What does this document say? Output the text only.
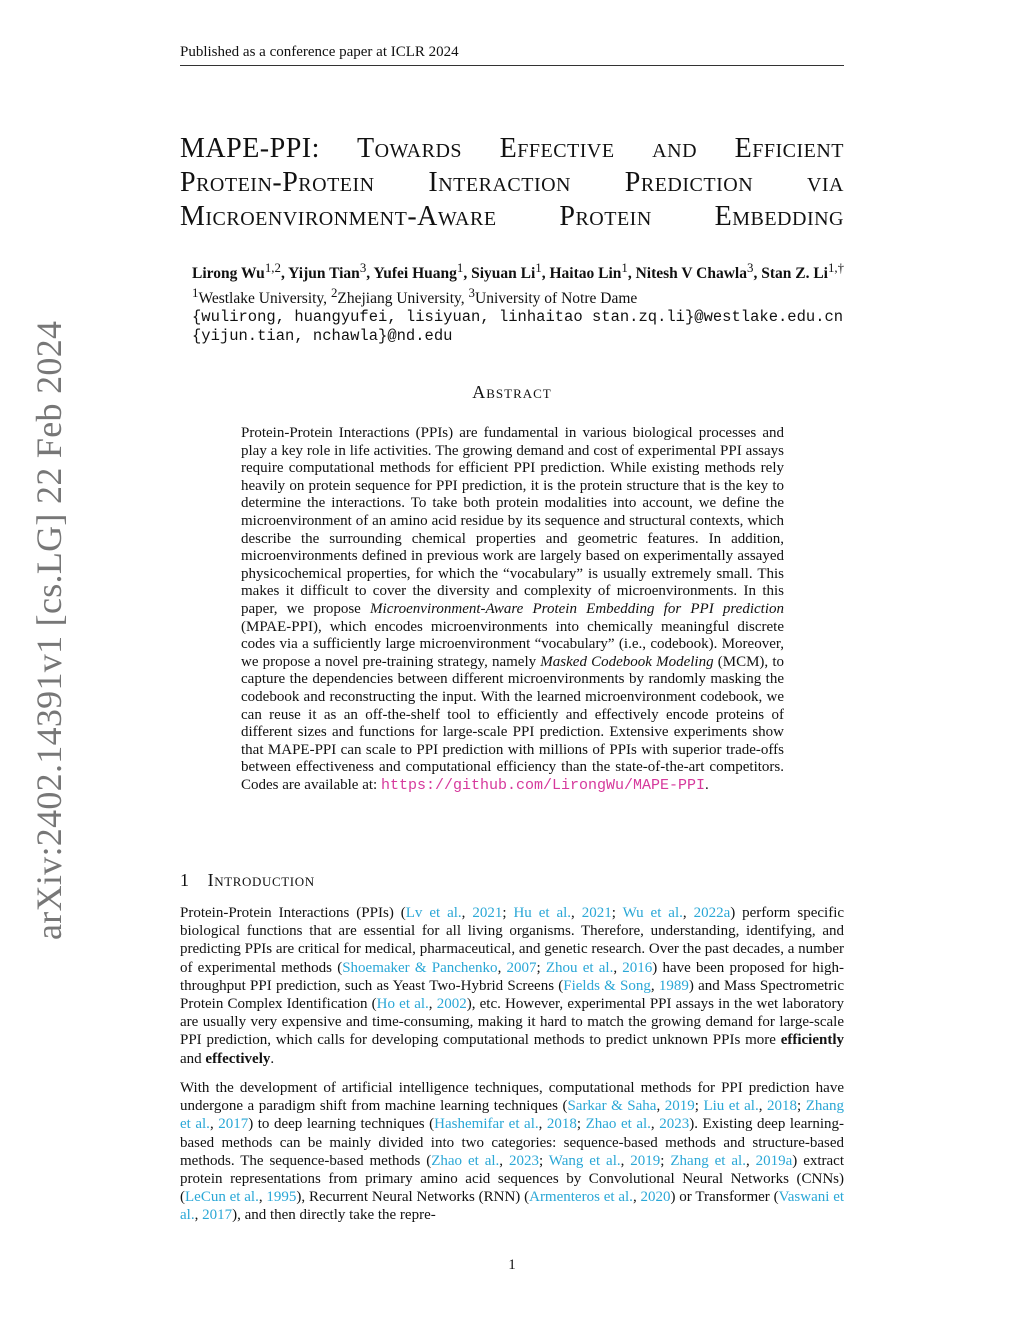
Published as a conference paper at ICLR 2024
arXiv:2402.14391v1 [cs.LG] 22 Feb 2024
MAPE-PPI: Towards Effective and Efficient
Protein-Protein Interaction Prediction via
Microenvironment-Aware Protein Embedding
Lirong Wu$^{1,2}$, Yijun Tian$^3$, Yufei Huang$^1$, Siyuan Li$^1$, Haitao Lin$^1$, Nitesh V Chawla$^3$, Stan Z. $Li^{1,\dagger}$
$^1$Westlake University, $^2$Zhejiang University, $^3$University of Notre Dame
{wulirong, huangyufei, lisiyuan, linhaitao stan.zq.li}@westlake.edu.cn
{yijun.tian, nchawla}@nd.edu
Abstract
Protein-Protein Interactions (PPIs) are fundamental in various biological processes and play a key role in life activities. The growing demand and cost of experimental PPI assays require computational methods for efficient PPI prediction. While existing methods rely heavily on protein sequence for PPI prediction, it is the protein structure that is the key to determine the interactions. To take both protein modalities into account, we define the microenvironment of an amino acid residue by its sequence and structural contexts, which describe the surrounding chemical properties and geometric features. In addition, microenvironments defined in previous work are largely based on experimentally assayed physicochemical properties, for which the “vocabulary” is usually extremely small. This makes it difficult to cover the diversity and complexity of microenvironments. In this paper, we propose Microenvironment-Aware Protein Embedding for PPI prediction (MPAE-PPI), which encodes microenvironments into chemically meaningful discrete codes via a sufficiently large microenvironment “vocabulary” (i.e., codebook). Moreover, we propose a novel pre-training strategy, namely Masked Codebook Modeling (MCM), to capture the dependencies between different microenvironments by randomly masking the codebook and reconstructing the input. With the learned microenvironment codebook, we can reuse it as an off-the-shelf tool to efficiently and effectively encode proteins of different sizes and functions for large-scale PPI prediction. Extensive experiments show that MAPE-PPI can scale to PPI prediction with millions of PPIs with superior trade-offs between effectiveness and computational efficiency than the state-of-the-art competitors. Codes are available at: https://github.com/LirongWu/MAPE-PPI.
1 Introduction
Protein-Protein Interactions (PPIs) (Lv et al., 2021; Hu et al., 2021; Wu et al., 2022a) perform specific biological functions that are essential for all living organisms. Therefore, understanding, identifying, and predicting PPIs are critical for medical, pharmaceutical, and genetic research. Over the past decades, a number of experimental methods (Shoemaker & Panchenko, 2007; Zhou et al., 2016) have been proposed for high-throughput PPI prediction, such as Yeast Two-Hybrid Screens (Fields & Song, 1989) and Mass Spectrometric Protein Complex Identification (Ho et al., 2002), etc. However, experimental PPI assays in the wet laboratory are usually very expensive and time-consuming, making it hard to match the growing demand for large-scale PPI prediction, which calls for developing computational methods to predict unknown PPIs more efficiently and effectively.
With the development of artificial intelligence techniques, computational methods for PPI prediction have undergone a paradigm shift from machine learning techniques (Sarkar & Saha, 2019; Liu et al., 2018; Zhang et al., 2017) to deep learning techniques (Hashemifar et al., 2018; Zhao et al., 2023). Existing deep learning-based methods can be mainly divided into two categories: sequence-based methods and structure-based methods. The sequence-based methods (Zhao et al., 2023; Wang et al., 2019; Zhang et al., 2019a) extract protein representations from primary amino acid sequences by Convolutional Neural Networks (CNNs) (LeCun et al., 1995), Recurrent Neural Networks (RNN) (Armenteros et al., 2020) or Transformer (Vaswani et al., 2017), and then directly take the repre-
1
